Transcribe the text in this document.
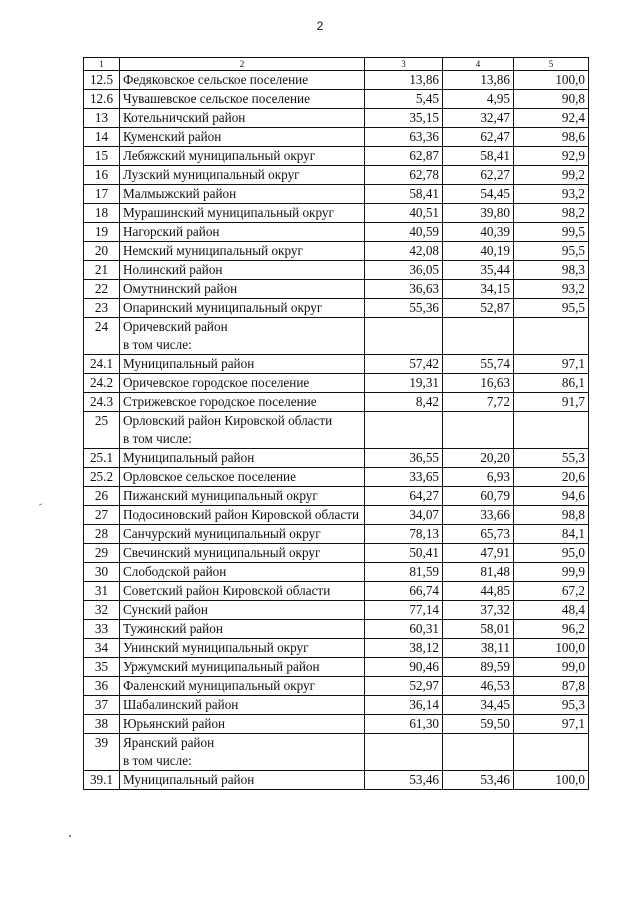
2
1	2	3	4	5
12.5	Федяковское сельское поселение	13,86	13,86	100,0
12.6	Чувашевское сельское поселение	5,45	4,95	90,8
13	Котельничский район	35,15	32,47	92,4
14	Куменский район	63,36	62,47	98,6
15	Лебяжский муниципальный округ	62,87	58,41	92,9
16	Лузский муниципальный округ	62,78	62,27	99,2
17	Малмыжский район	58,41	54,45	93,2
18	Мурашинский муниципальный округ	40,51	39,80	98,2
19	Нагорский район	40,59	40,39	99,5
20	Немский муниципальный округ	42,08	40,19	95,5
21	Нолинский район	36,05	35,44	98,3
22	Омутнинский район	36,63	34,15	93,2
23	Опаринский муниципальный округ	55,36	52,87	95,5
24	Оричевский район			
	в том числе:			
24.1	Муниципальный район	57,42	55,74	97,1
24.2	Оричевское городское поселение	19,31	16,63	86,1
24.3	Стрижевское городское поселение	8,42	7,72	91,7
25	Орловский район Кировской области			
	в том числе:			
25.1	Муниципальный район	36,55	20,20	55,3
25.2	Орловское сельское поселение	33,65	6,93	20,6
26	Пижанский муниципальный округ	64,27	60,79	94,6
27	Подосиновский район Кировской области	34,07	33,66	98,8
28	Санчурский муниципальный округ	78,13	65,73	84,1
29	Свечинский муниципальный округ	50,41	47,91	95,0
30	Слободской район	81,59	81,48	99,9
31	Советский район Кировской области	66,74	44,85	67,2
32	Сунский район	77,14	37,32	48,4
33	Тужинский район	60,31	58,01	96,2
34	Унинский муниципальный округ	38,12	38,11	100,0
35	Уржумский муниципальный район	90,46	89,59	99,0
36	Фаленский муниципальный округ	52,97	46,53	87,8
37	Шабалинский район	36,14	34,45	95,3
38	Юрьянский район	61,30	59,50	97,1
39	Яранский район			
	в том числе:			
39.1	Муниципальный район	53,46	53,46	100,0
